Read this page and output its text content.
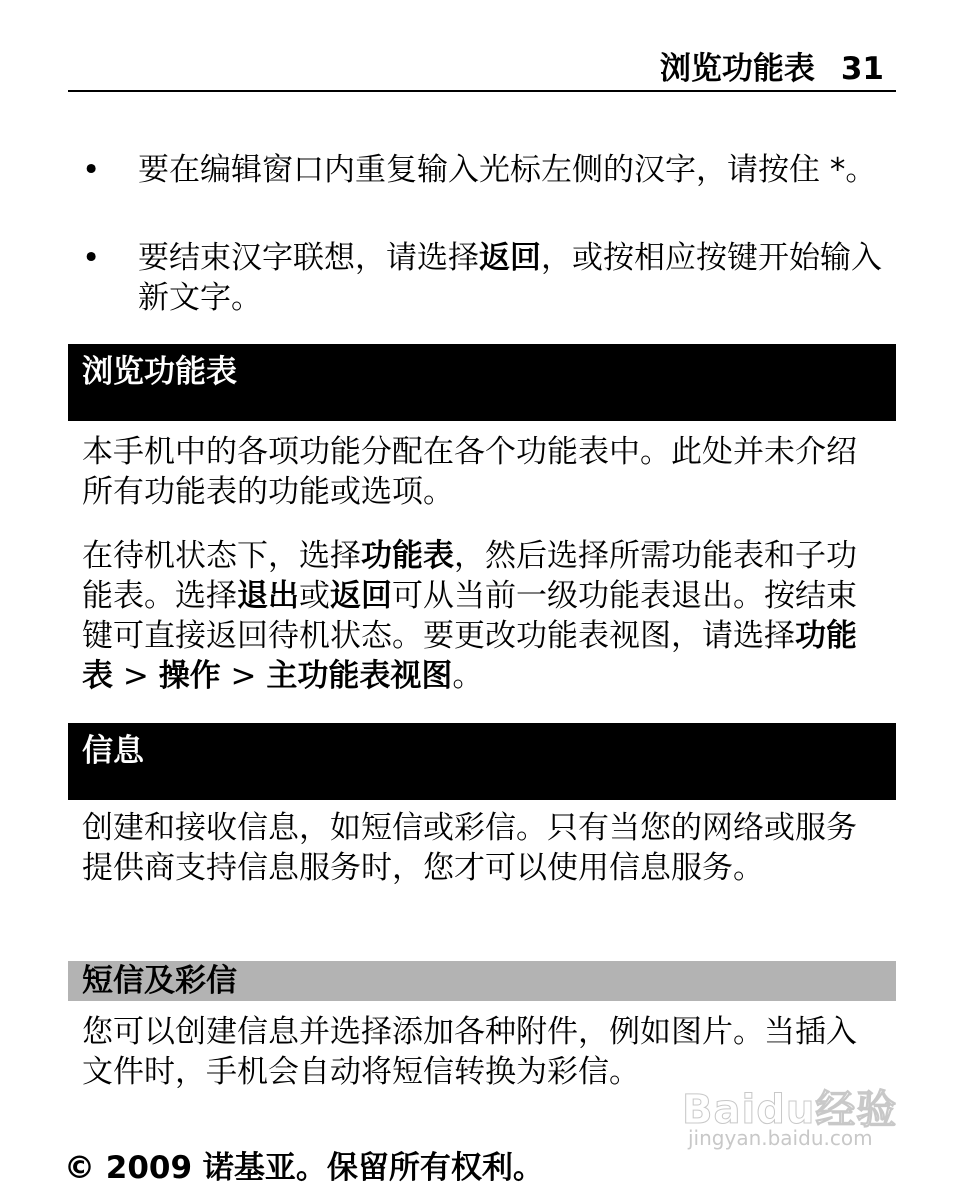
浏览功能表 31
• 要在编辑窗口内重复输入光标左侧的汉字，请按住 *。
• 要结束汉字联想，请选择返回，或按相应按键开始输入新文字。
浏览功能表

本手机中的各项功能分配在各个功能表中。此处并未介绍所有功能表的功能或选项。

在待机状态下，选择功能表，然后选择所需功能表和子功能表。选择退出或返回可从当前一级功能表退出。按结束键可直接返回待机状态。要更改功能表视图，请选择功能表 > 操作 > 主功能表视图。

信息

创建和接收信息，如短信或彩信。只有当您的网络或服务提供商支持信息服务时，您才可以使用信息服务。

短信及彩信

您可以创建信息并选择添加各种附件，例如图片。当插入文件时，手机会自动将短信转换为彩信。

Baidu经验
jingyan.baidu.com
© 2009 诺基亚。保留所有权利。
